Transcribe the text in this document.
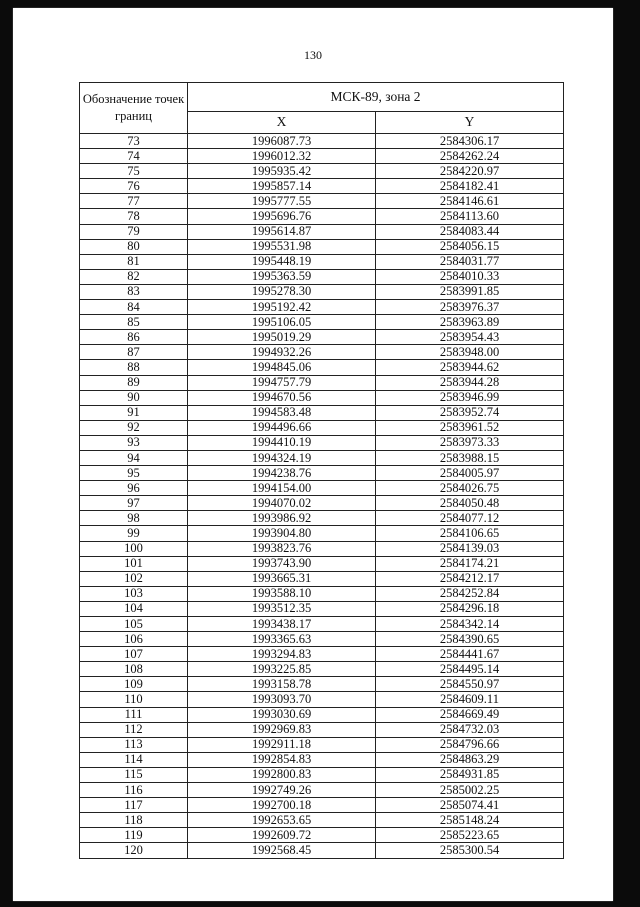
130
Обозначение точек границ	МСК-89, зона 2	
	X	Y
73	1996087.73	2584306.17
74	1996012.32	2584262.24
75	1995935.42	2584220.97
76	1995857.14	2584182.41
77	1995777.55	2584146.61
78	1995696.76	2584113.60
79	1995614.87	2584083.44
80	1995531.98	2584056.15
81	1995448.19	2584031.77
82	1995363.59	2584010.33
83	1995278.30	2583991.85
84	1995192.42	2583976.37
85	1995106.05	2583963.89
86	1995019.29	2583954.43
87	1994932.26	2583948.00
88	1994845.06	2583944.62
89	1994757.79	2583944.28
90	1994670.56	2583946.99
91	1994583.48	2583952.74
92	1994496.66	2583961.52
93	1994410.19	2583973.33
94	1994324.19	2583988.15
95	1994238.76	2584005.97
96	1994154.00	2584026.75
97	1994070.02	2584050.48
98	1993986.92	2584077.12
99	1993904.80	2584106.65
100	1993823.76	2584139.03
101	1993743.90	2584174.21
102	1993665.31	2584212.17
103	1993588.10	2584252.84
104	1993512.35	2584296.18
105	1993438.17	2584342.14
106	1993365.63	2584390.65
107	1993294.83	2584441.67
108	1993225.85	2584495.14
109	1993158.78	2584550.97
110	1993093.70	2584609.11
111	1993030.69	2584669.49
112	1992969.83	2584732.03
113	1992911.18	2584796.66
114	1992854.83	2584863.29
115	1992800.83	2584931.85
116	1992749.26	2585002.25
117	1992700.18	2585074.41
118	1992653.65	2585148.24
119	1992609.72	2585223.65
120	1992568.45	2585300.54
